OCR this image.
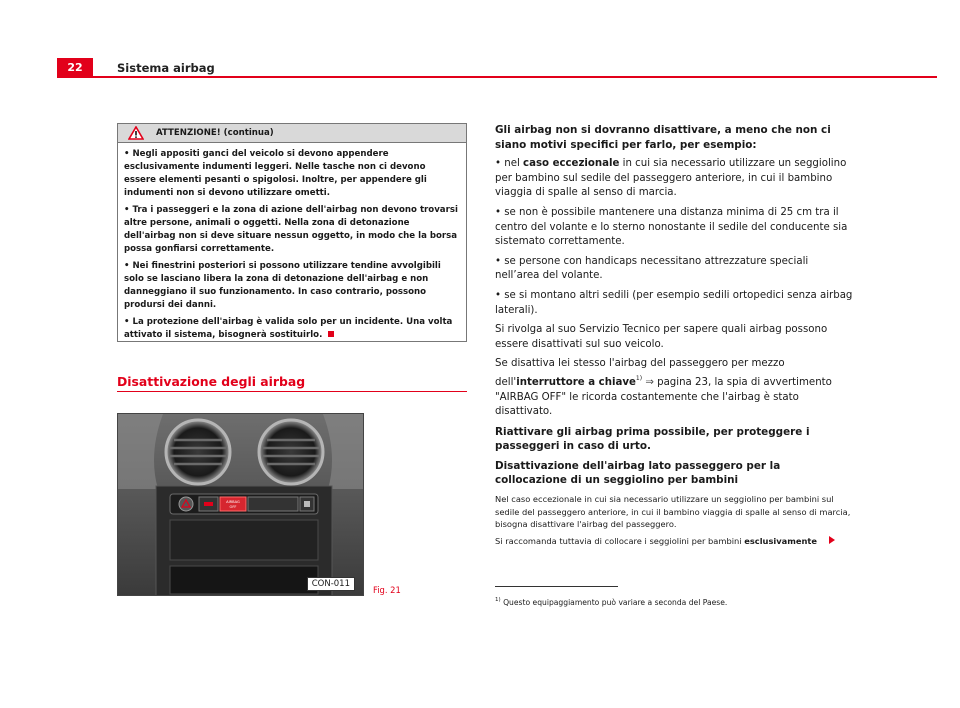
22	Sistema airbag
ATTENZIONE! (continua)

• Negli appositi ganci del veicolo si devono appendere esclusivamente indumenti leggeri. Nelle tasche non ci devono essere elementi pesanti o spigolosi. Inoltre, per appendere gli indumenti non si devono utilizzare ometti.

• Tra i passeggeri e la zona di azione dell'airbag non devono trovarsi altre persone, animali o oggetti. Nella zona di detonazione dell'airbag non si deve situare nessun oggetto, in modo che la borsa possa gonfiarsi correttamente.

• Nei finestrini posteriori si possono utilizzare tendine avvolgibili solo se lasciano libera la zona di detonazione dell'airbag e non danneggiano il suo funzionamento. In caso contrario, possono prodursi dei danni.

• La protezione dell'airbag è valida solo per un incidente. Una volta attivato il sistema, bisognerà sostituirlo.

Disattivazione degli airbag
AIRBAG
OFF
CON-011
Fig. 21
Gli airbag non si dovranno disattivare, a meno che non ci siano motivi specifici per farlo, per esempio:

• nel caso eccezionale in cui sia necessario utilizzare un seggiolino per bambino sul sedile del passeggero anteriore, in cui il bambino viaggia di spalle al senso di marcia.

• se non è possibile mantenere una distanza minima di 25 cm tra il centro del volante e lo sterno nonostante il sedile del conducente sia sistemato correttamente.

• se persone con handicaps necessitano attrezzature speciali nell’area del volante.

• se si montano altri sedili (per esempio sedili ortopedici senza airbag laterali).

Si rivolga al suo Servizio Tecnico per sapere quali airbag possono essere disattivati sul suo veicolo.

Se disattiva lei stesso l'airbag del passeggero per mezzo dell'interruttore a chiave$^{1)}$ ⇒ pagina 23, la spia di avvertimento "AIRBAG OFF" le ricorda costantemente che l'airbag è stato disattivato.

Riattivare gli airbag prima possibile, per proteggere i passeggeri in caso di urto.
Disattivazione dell'airbag lato passeggero per la collocazione di un seggiolino per bambini

Nel caso eccezionale in cui sia necessario utilizzare un seggiolino per bambini sul sedile del passeggero anteriore, in cui il bambino viaggia di spalle al senso di marcia, bisogna disattivare l'airbag del passeggero.

Si raccomanda tuttavia di collocare i seggiolini per bambini esclusivamente

$^{1)}$ Questo equipaggiamento può variare a seconda del Paese.
